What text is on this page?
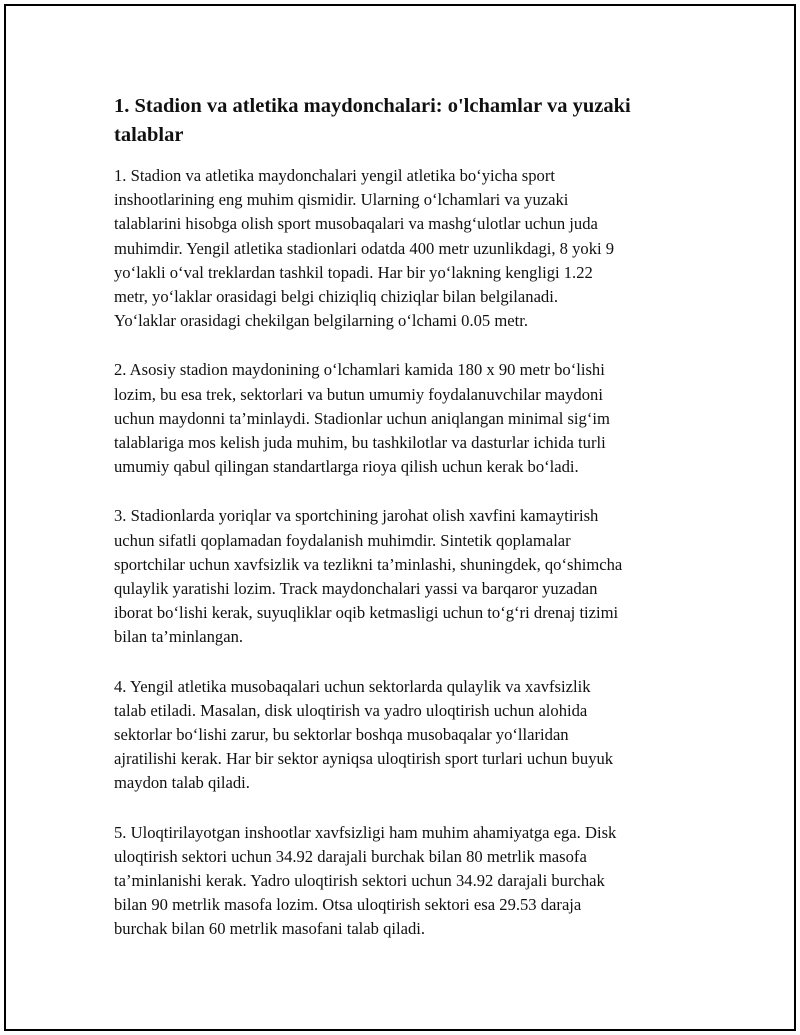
1. Stadion va atletika maydonchalari: o'lchamlar va yuzaki talablar

1. Stadion va atletika maydonchalari yengil atletika bo‘yicha sport
inshootlarining eng muhim qismidir. Ularning o‘lchamlari va yuzaki
talablarini hisobga olish sport musobaqalari va mashg‘ulotlar uchun juda
muhimdir. Yengil atletika stadionlari odatda 400 metr uzunlikdagi, 8 yoki 9
yo‘lakli o‘val treklardan tashkil topadi. Har bir yo‘lakning kengligi 1.22
metr, yo‘laklar orasidagi belgi chiziqliq chiziqlar bilan belgilanadi.
Yo‘laklar orasidagi chekilgan belgilarning o‘lchami 0.05 metr.

2. Asosiy stadion maydonining o‘lchamlari kamida 180 x 90 metr bo‘lishi
lozim, bu esa trek, sektorlari va butun umumiy foydalanuvchilar maydoni
uchun maydonni ta’minlaydi. Stadionlar uchun aniqlangan minimal sig‘im
talablariga mos kelish juda muhim, bu tashkilotlar va dasturlar ichida turli
umumiy qabul qilingan standartlarga rioya qilish uchun kerak bo‘ladi.

3. Stadionlarda yoriqlar va sportchining jarohat olish xavfini kamaytirish
uchun sifatli qoplamadan foydalanish muhimdir. Sintetik qoplamalar
sportchilar uchun xavfsizlik va tezlikni ta’minlashi, shuningdek, qo‘shimcha
qulaylik yaratishi lozim. Track maydonchalari yassi va barqaror yuzadan
iborat bo‘lishi kerak, suyuqliklar oqib ketmasligi uchun to‘g‘ri drenaj tizimi
bilan ta’minlangan.

4. Yengil atletika musobaqalari uchun sektorlarda qulaylik va xavfsizlik
talab etiladi. Masalan, disk uloqtirish va yadro uloqtirish uchun alohida
sektorlar bo‘lishi zarur, bu sektorlar boshqa musobaqalar yo‘llaridan
ajratilishi kerak. Har bir sektor ayniqsa uloqtirish sport turlari uchun buyuk
maydon talab qiladi.

5. Uloqtirilayotgan inshootlar xavfsizligi ham muhim ahamiyatga ega. Disk
uloqtirish sektori uchun 34.92 darajali burchak bilan 80 metrlik masofa
ta’minlanishi kerak. Yadro uloqtirish sektori uchun 34.92 darajali burchak
bilan 90 metrlik masofa lozim. Otsa uloqtirish sektori esa 29.53 daraja
burchak bilan 60 metrlik masofani talab qiladi.
